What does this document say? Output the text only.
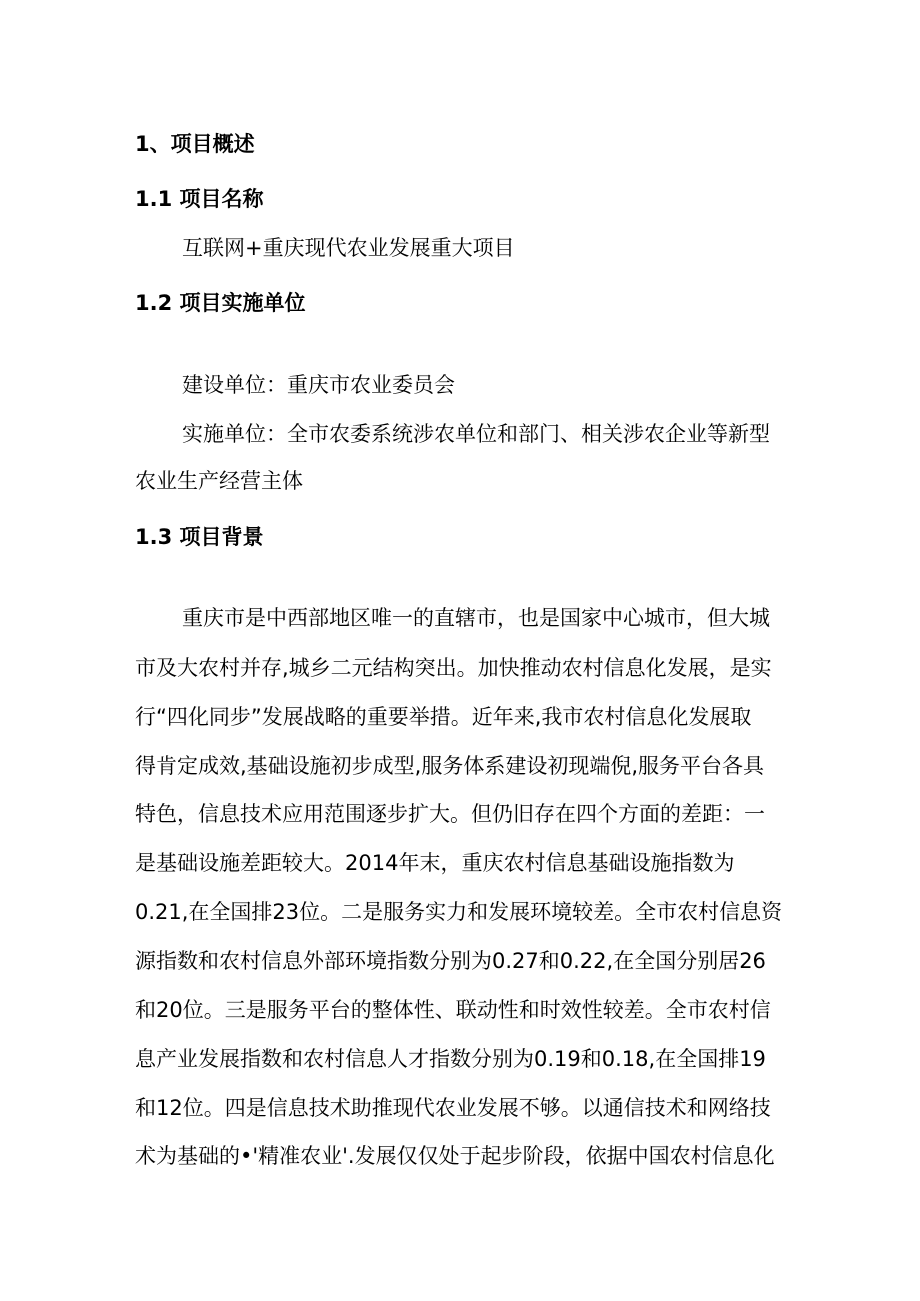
1、项目概述
1.1 项目名称
互联网+重庆现代农业发展重大项目
1.2 项目实施单位
建设单位：重庆市农业委员会
实施单位：全市农委系统涉农单位和部门、相关涉农企业等新型
农业生产经营主体
1.3 项目背景
重庆市是中西部地区唯一的直辖市，也是国家中心城市，但大城
市及大农村并存,城乡二元结构突出。加快推动农村信息化发展，是实
行“四化同步”发展战略的重要举措。近年来,我市农村信息化发展取
得肯定成效,基础设施初步成型,服务体系建设初现端倪,服务平台各具
特色，信息技术应用范围逐步扩大。但仍旧存在四个方面的差距：一
是基础设施差距较大。2014年末，重庆农村信息基础设施指数为
0.21,在全国排23位。二是服务实力和发展环境较差。全市农村信息资
源指数和农村信息外部环境指数分别为0.27和0.22,在全国分别居26
和20位。三是服务平台的整体性、联动性和时效性较差。全市农村信
息产业发展指数和农村信息人才指数分别为0.19和0.18,在全国排19
和12位。四是信息技术助推现代农业发展不够。以通信技术和网络技
术为基础的•'精准农业'.发展仅仅处于起步阶段，依据中国农村信息化
